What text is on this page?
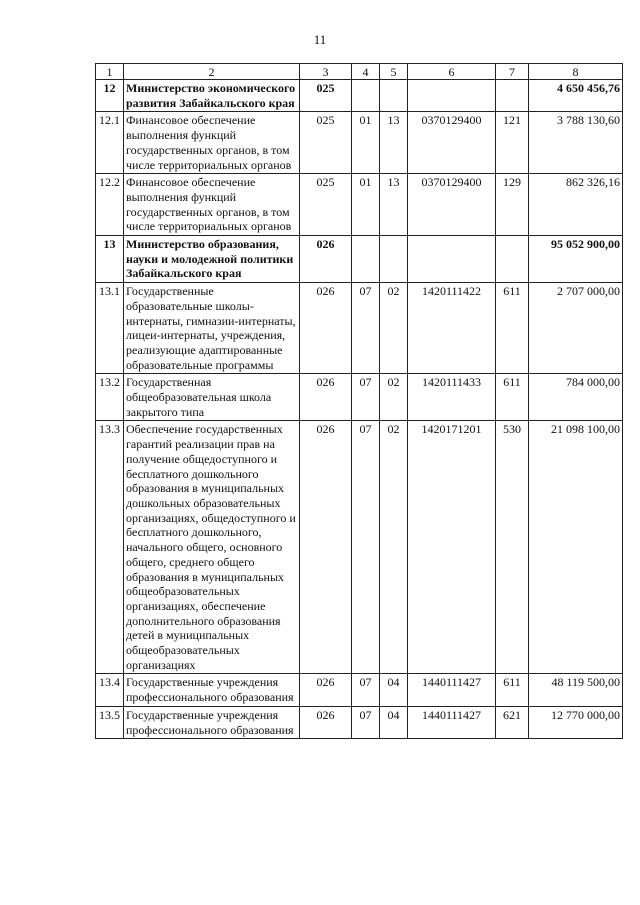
11
1	2	3	4	5	6	7	8
12	Министерство экономического развития Забайкальского края	025					4 650 456,76
12.1	Финансовое обеспечение выполнения функций государственных органов, в том числе территориальных органов	025	01	13	0370129400	121	3 788 130,60
12.2	Финансовое обеспечение выполнения функций государственных органов, в том числе территориальных органов	025	01	13	0370129400	129	862 326,16
13	Министерство образования, науки и молодежной политики Забайкальского края	026					95 052 900,00
13.1	Государственные образовательные школы-интернаты, гимназии-интернаты, лицеи-интернаты, учреждения, реализующие адаптированные образовательные программы	026	07	02	1420111422	611	2 707 000,00
13.2	Государственная общеобразовательная школа закрытого типа	026	07	02	1420111433	611	784 000,00
13.3	Обеспечение государственных гарантий реализации прав на получение общедоступного и бесплатного дошкольного образования в муниципальных дошкольных образовательных организациях, общедоступного и бесплатного дошкольного, начального общего, основного общего, среднего общего образования в муниципальных общеобразовательных организациях, обеспечение дополнительного образования детей в муниципальных общеобразовательных организациях	026	07	02	1420171201	530	21 098 100,00
13.4	Государственные учреждения профессионального образования	026	07	04	1440111427	611	48 119 500,00
13.5	Государственные учреждения профессионального образования	026	07	04	1440111427	621	12 770 000,00
